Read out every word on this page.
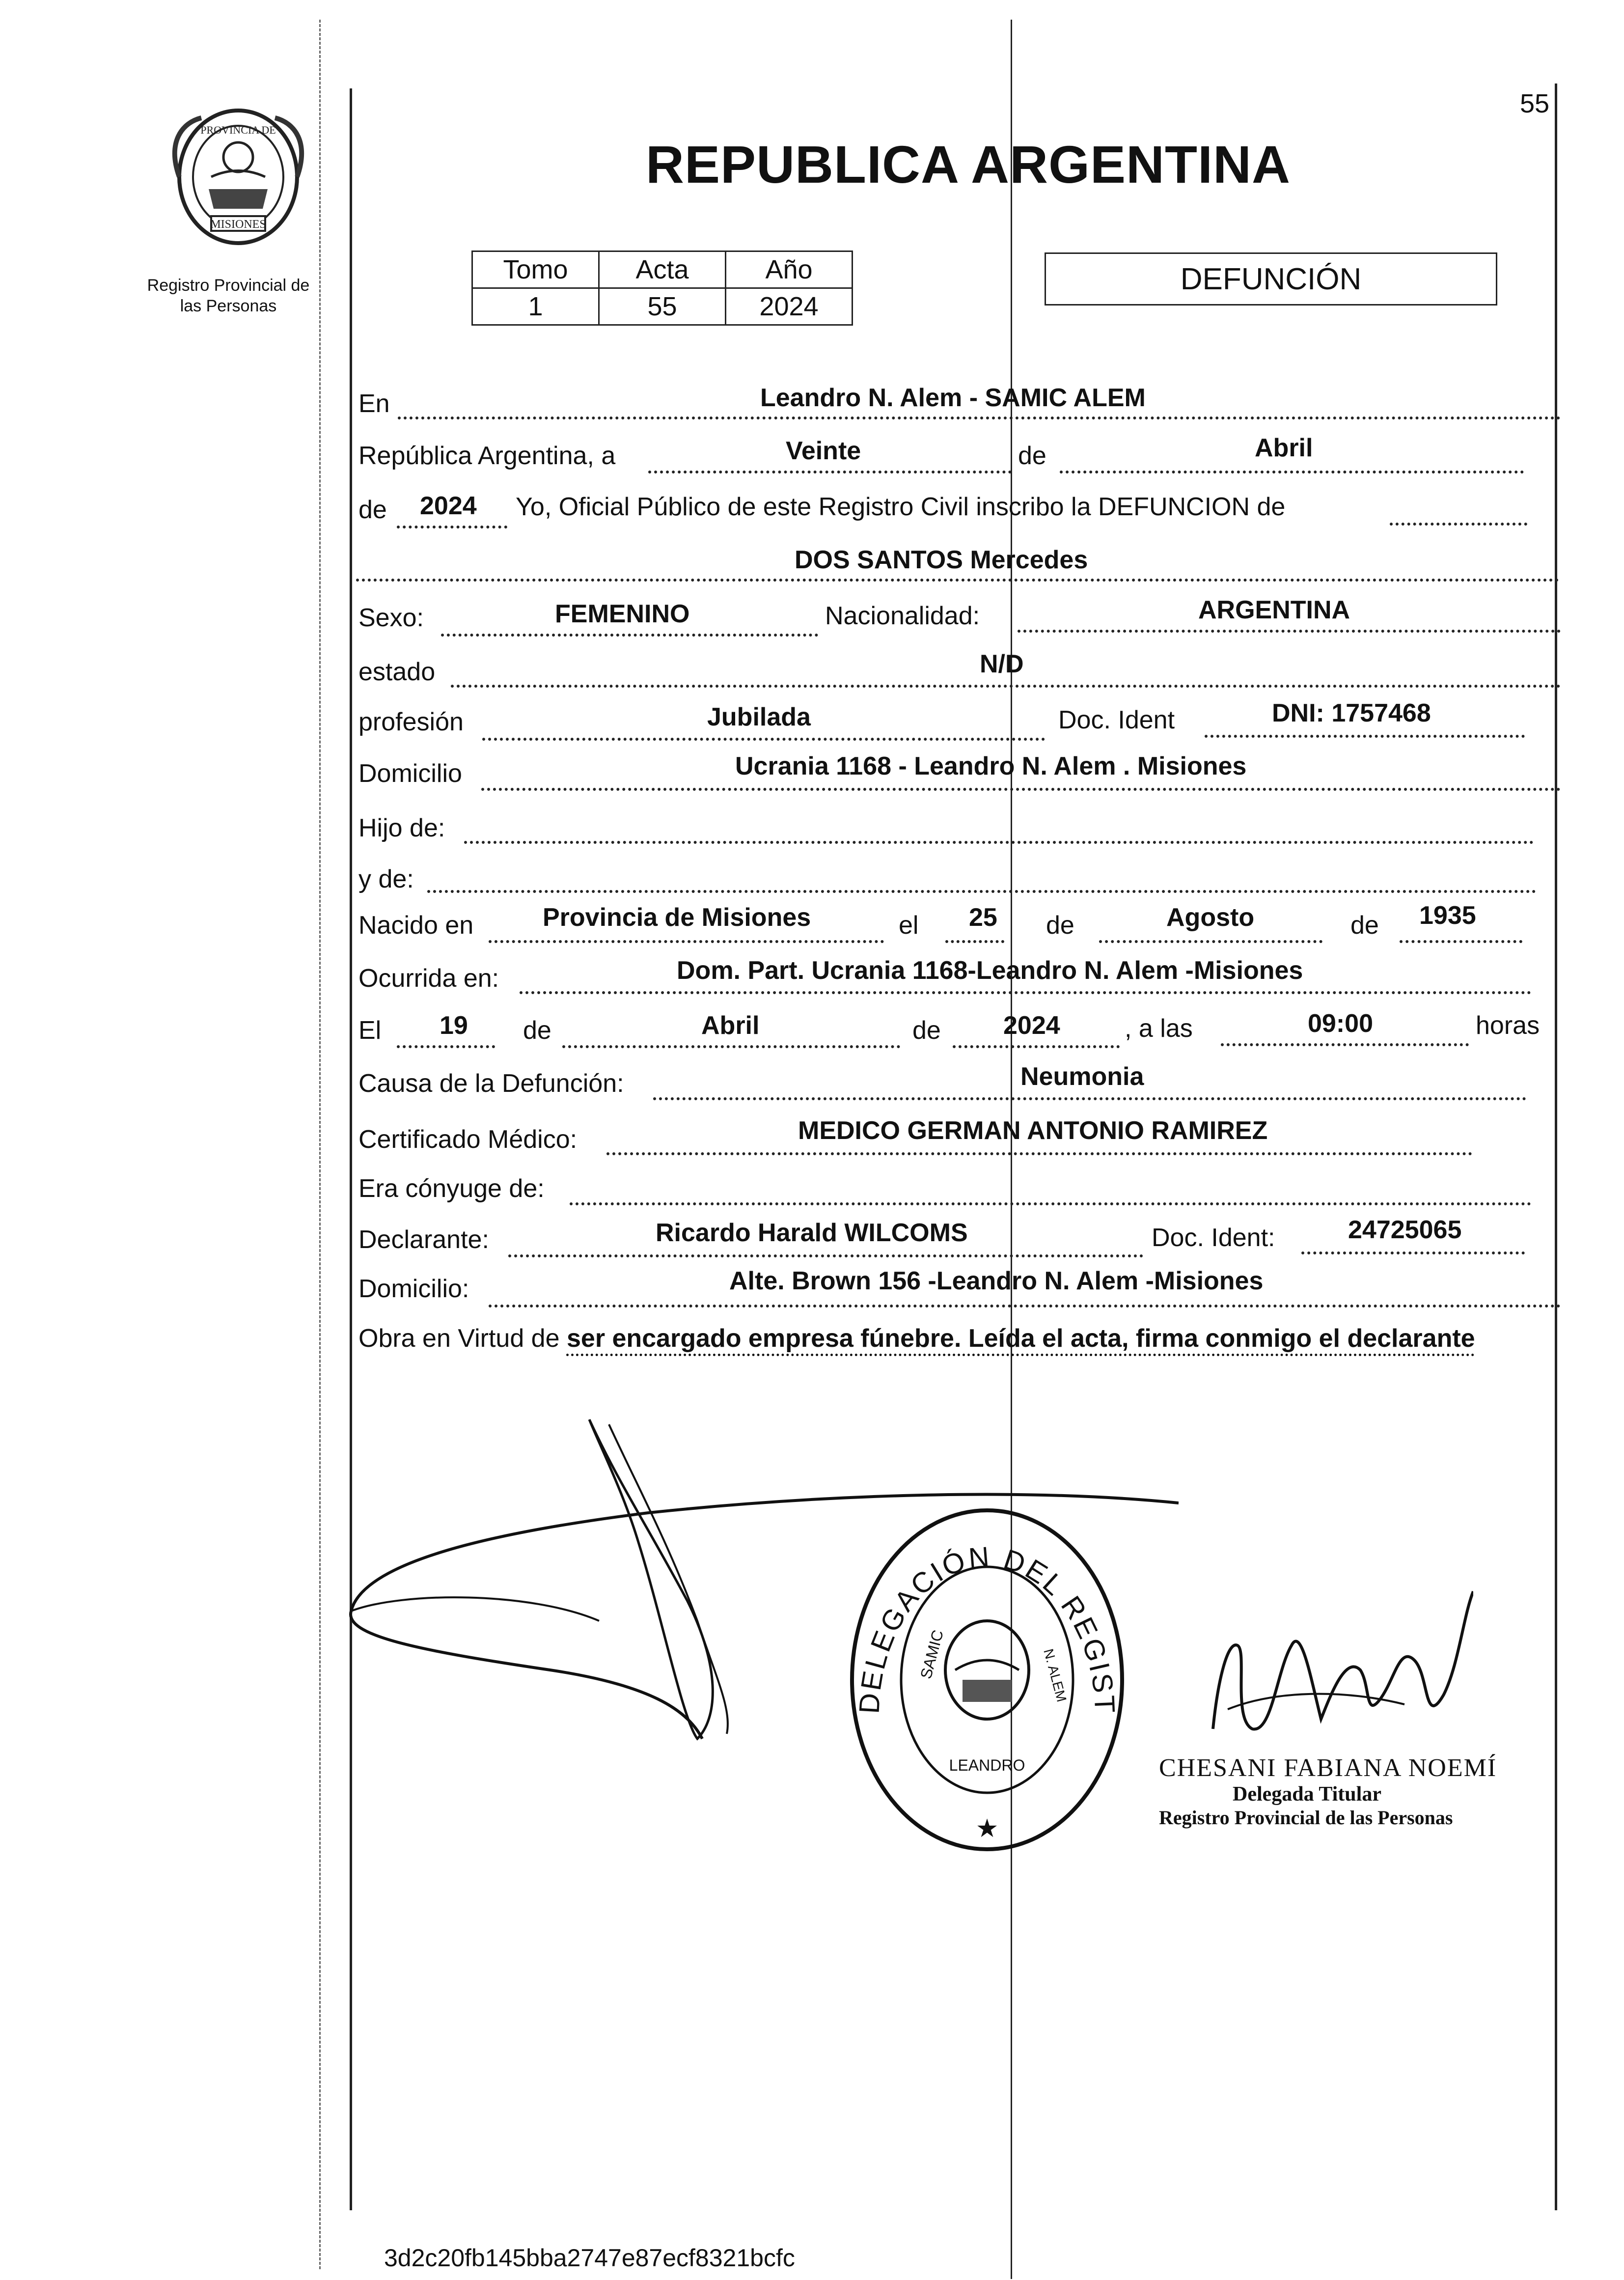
55
PROVINCIA DE
MISIONES
Registro Provincial de
las Personas
REPUBLICA ARGENTINA
Tomo	Acta	Año
1	55	2024
DEFUNCIÓN
En	Leandro N. Alem - SAMIC ALEM
República Argentina, a	Veinte	de	Abril
de 2024 Yo, Oficial Público de este Registro Civil inscribo la DEFUNCION de
DOS SANTOS Mercedes
Sexo:	FEMENINO	Nacionalidad:	ARGENTINA
estado	N/D
profesión	Jubilada	Doc. Ident	DNI: 1757468
Domicilio	Ucrania 1168 - Leandro N. Alem . Misiones
Hijo de:
y de:
Nacido en	Provincia de Misiones	el 25 de	Agosto	de 1935
Ocurrida en:	Dom. Part. Ucrania 1168-Leandro N. Alem -Misiones
El 19 de	Abril	de 2024	, a las	09:00	horas
Causa de la Defunción:	Neumonia
Certificado Médico:	MEDICO GERMAN ANTONIO RAMIREZ
Era cónyuge de:
Declarante:	Ricardo Harald WILCOMS	Doc. Ident:	24725065
Domicilio:	Alte. Brown 156 -Leandro N. Alem -Misiones
Obra en Virtud de ser encargado empresa fúnebre. Leída el acta, firma conmigo el declarante
DELEGACIÓN DEL REGIST
SAMIC
LEANDRO
N. ALEM
★
CHESANI FABIANA NOEMÍ
Delegada Titular
Registro Provincial de las Personas
3d2c20fb145bba2747e87ecf8321bcfc
